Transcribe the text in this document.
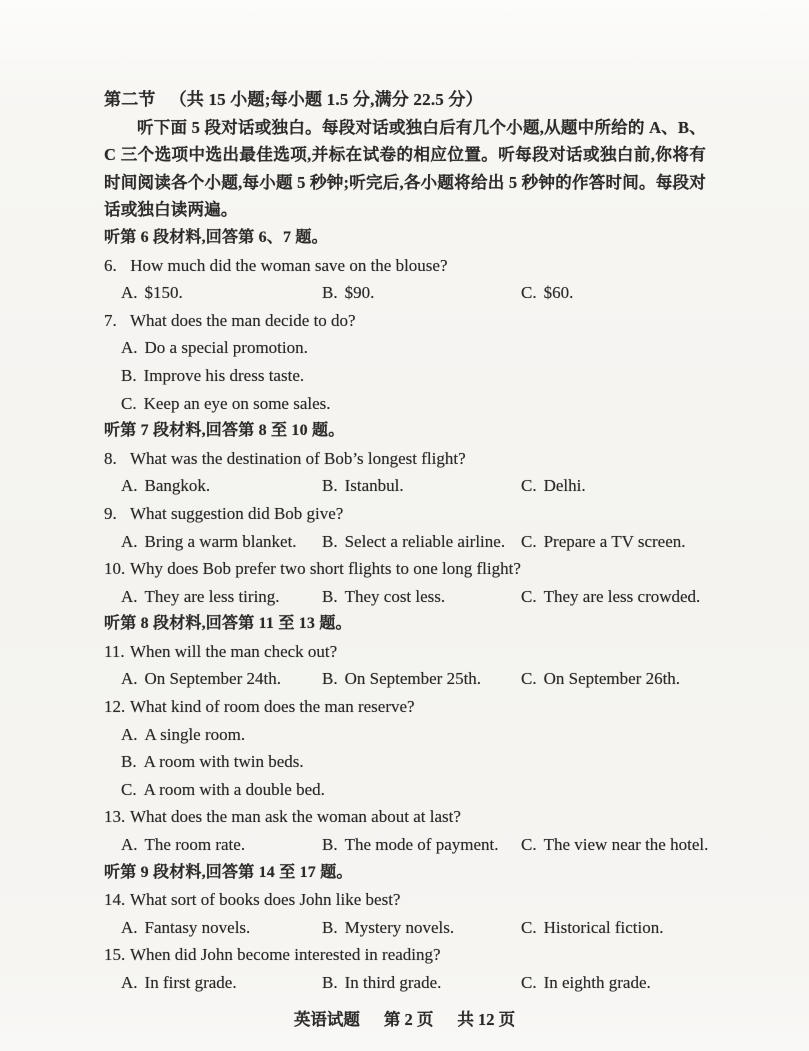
第二节 （共 15 小题;每小题 1.5 分,满分 22.5 分）
听下面 5 段对话或独白。每段对话或独白后有几个小题,从题中所给的 A、B、C 三个选项中选出最佳选项,并标在试卷的相应位置。听每段对话或独白前,你将有时间阅读各个小题,每小题 5 秒钟;听完后,各小题将给出 5 秒钟的作答时间。每段对话或独白读两遍。
听第 6 段材料,回答第 6、7 题。
6. How much did the woman save on the blouse?
A. $150.	B. $90.	C. $60.
7. What does the man decide to do?
A. Do a special promotion.
B. Improve his dress taste.
C. Keep an eye on some sales.
听第 7 段材料,回答第 8 至 10 题。
8. What was the destination of Bob’s longest flight?
A. Bangkok.	B. Istanbul.	C. Delhi.
9. What suggestion did Bob give?
A. Bring a warm blanket.	B. Select a reliable airline. C. Prepare a TV screen.
10. Why does Bob prefer two short flights to one long flight?
A. They are less tiring.	B. They cost less.	C. They are less crowded.
听第 8 段材料,回答第 11 至 13 题。
11. When will the man check out?
A. On September 24th.	B. On September 25th.	C. On September 26th.
12. What kind of room does the man reserve?
A. A single room.
B. A room with twin beds.
C. A room with a double bed.
13. What does the man ask the woman about at last?
A. The room rate.	B. The mode of payment.	C. The view near the hotel.
听第 9 段材料,回答第 14 至 17 题。
14. What sort of books does John like best?
A. Fantasy novels.	B. Mystery novels.	C. Historical fiction.
15. When did John become interested in reading?
A. In first grade.	B. In third grade.	C. In eighth grade.
英语试题 第 2 页 共 12 页
